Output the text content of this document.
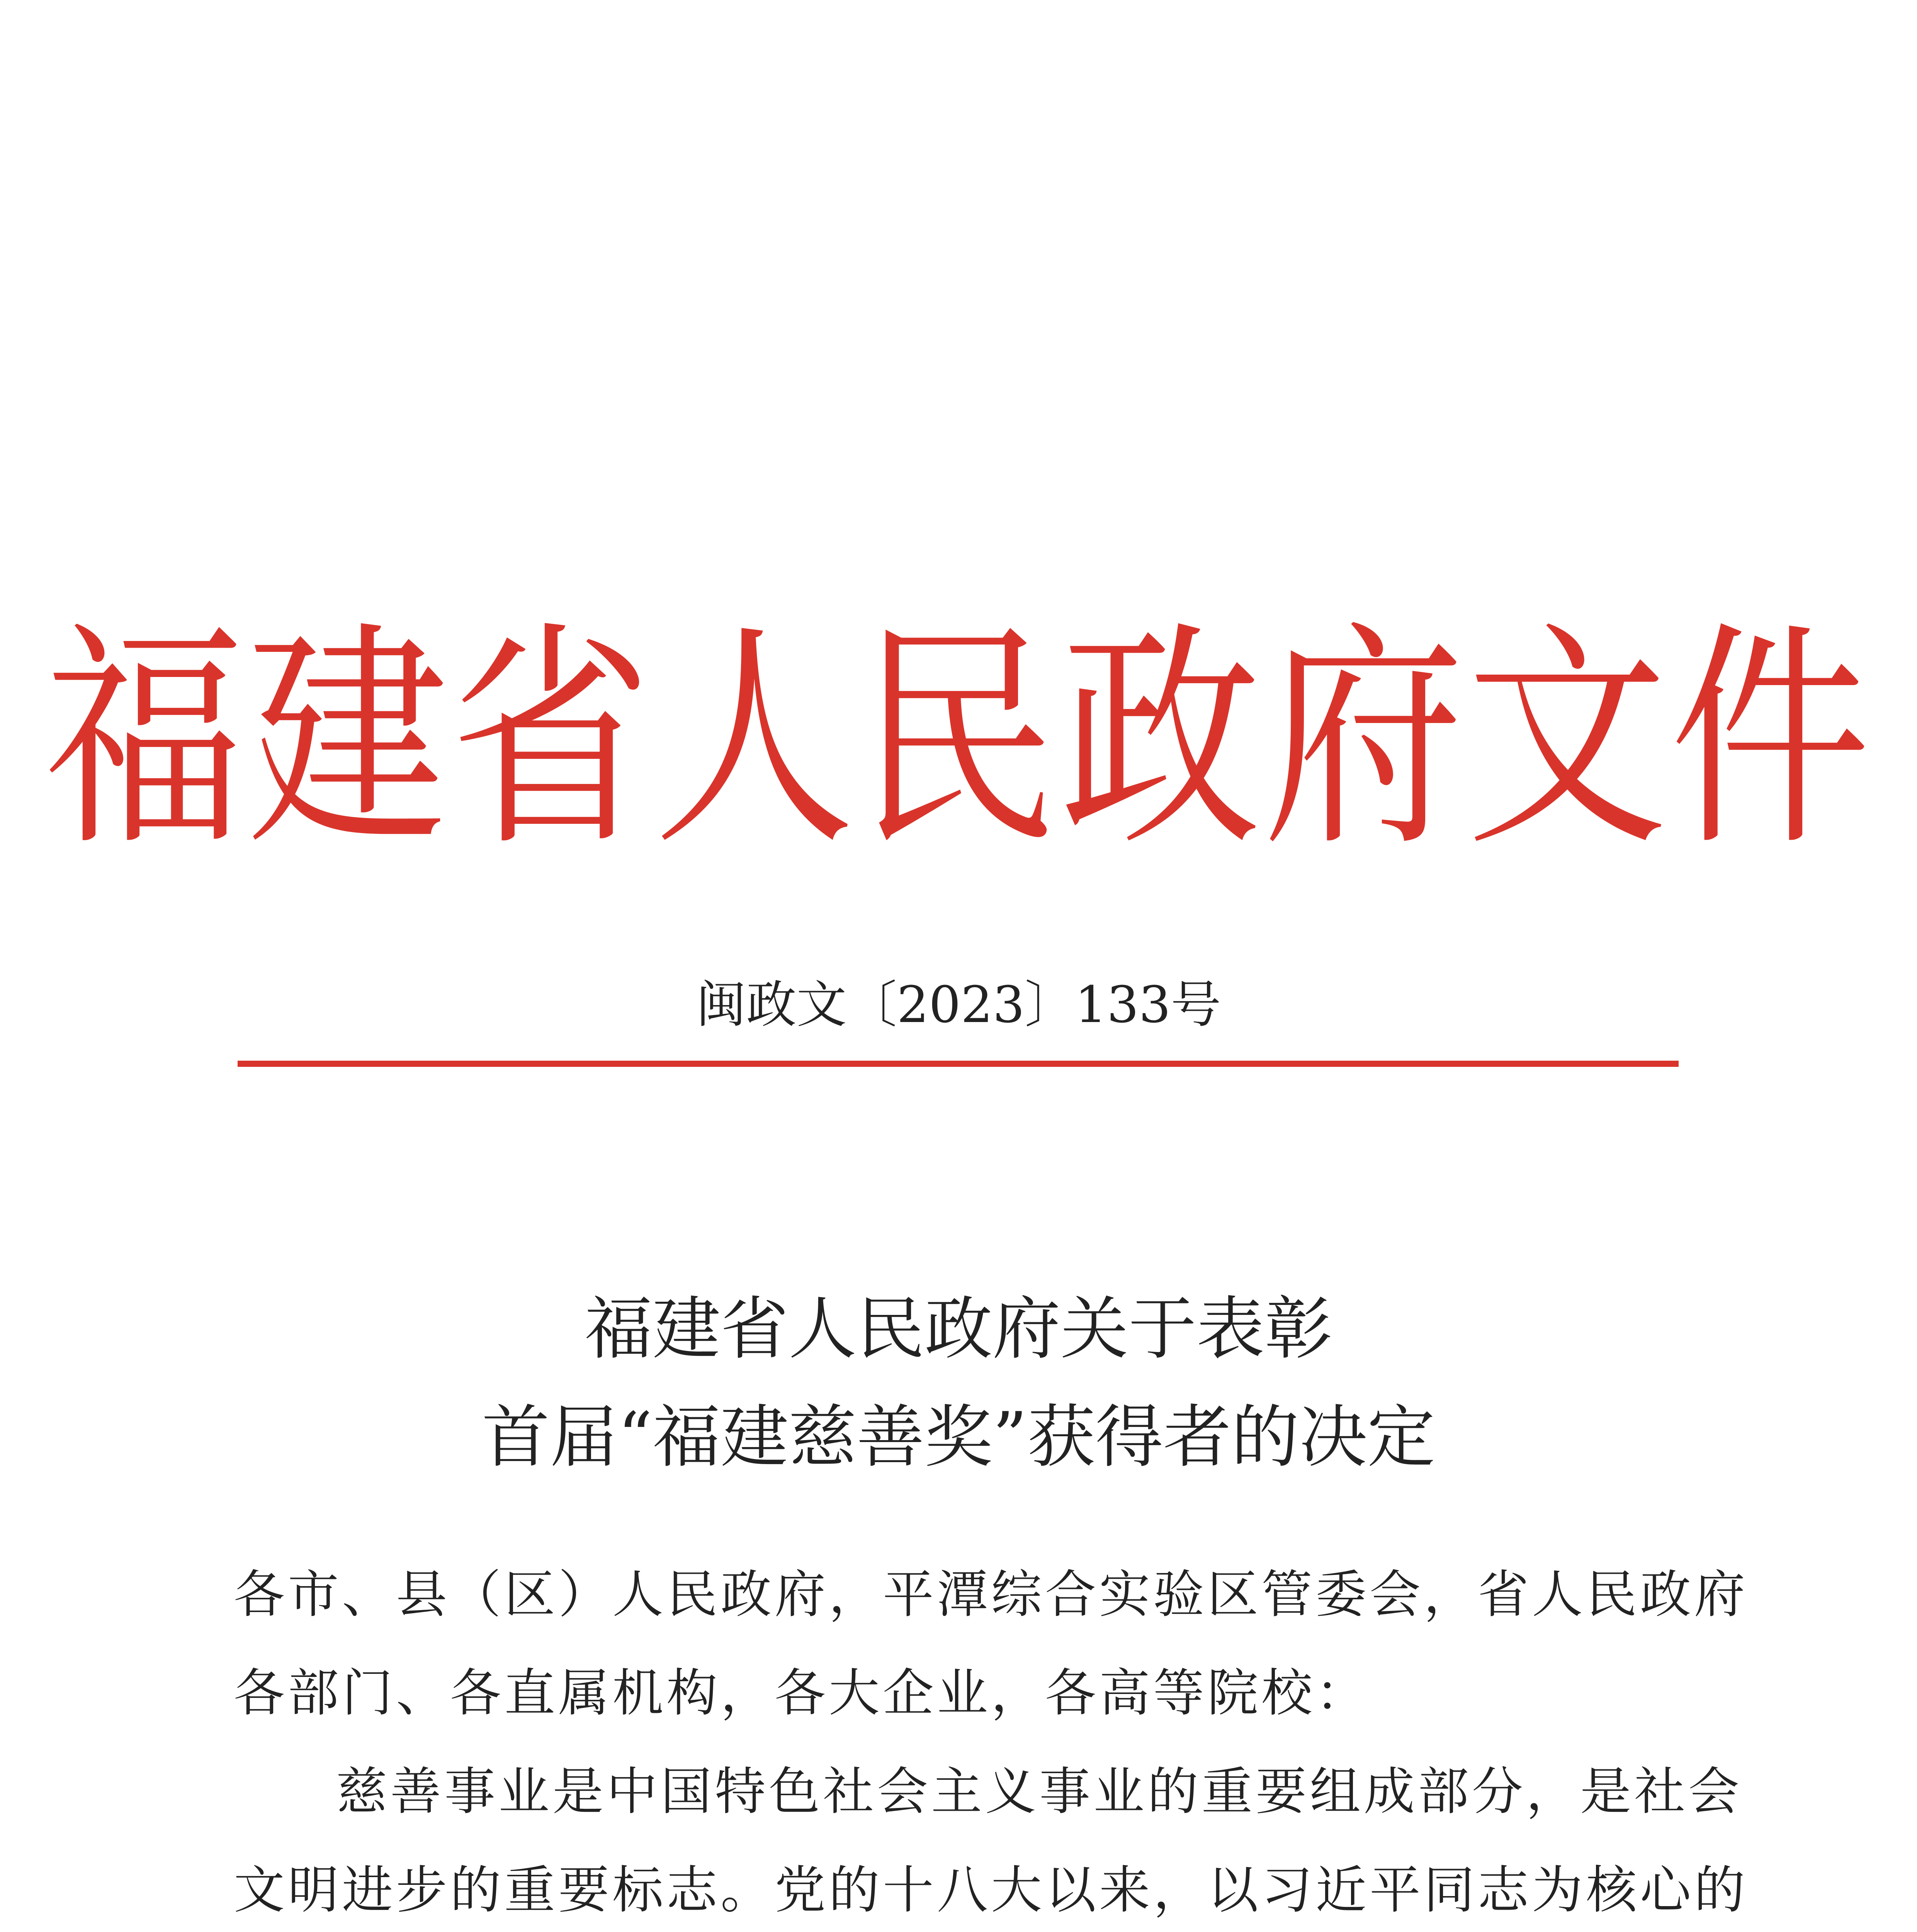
福建省人民政府文件
闽政文〔2023〕133号
福建省人民政府关于表彰
首届“福建慈善奖”获得者的决定

各市、县（区）人民政府，平潭综合实验区管委会，省人民政府
各部门、各直属机构，各大企业，各高等院校：

慈善事业是中国特色社会主义事业的重要组成部分，是社会
文明进步的重要标志。党的十八大以来，以习近平同志为核心的
